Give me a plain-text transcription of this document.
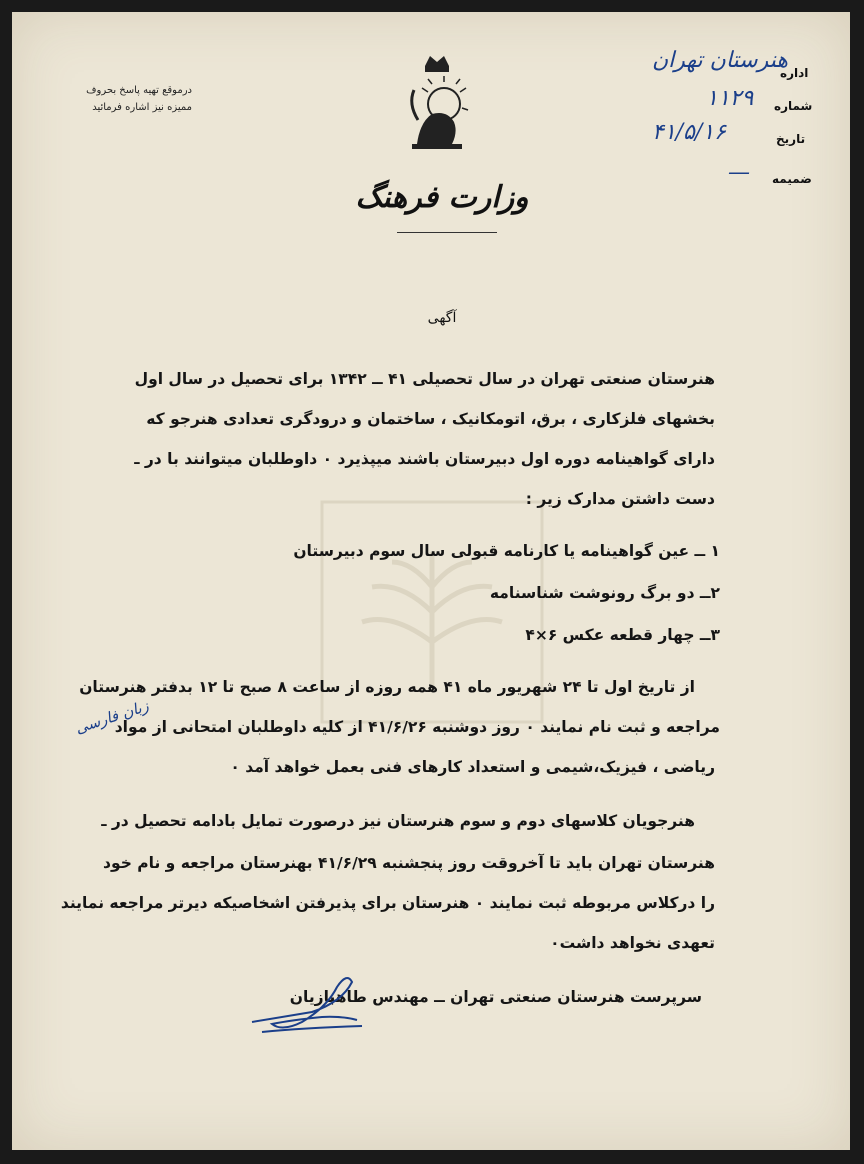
درموقع تهیه پاسخ بحروف
ممیزه نیز اشاره فرمائید
وزارت فرهنگ
اداره
هنرستان تهران
شماره
۱۱۲۹
تاریخ
۴۱/۵/۱۶
ضمیمه
—
آگهی
هنرستان صنعتی تهران در سال تحصیلی ۴۱ ــ ۱۳۴۲ برای تحصیل در سال اول
بخشهای فلزکاری ، برق، اتومکانیک ، ساختمان و درودگری تعدادی هنرجو که
دارای گواهینامه دوره اول دبیرستان باشند میپذیرد ٠ داوطلبان میتوانند با در ـ
دست داشتن مدارک زیر :
۱ ــ عین گواهینامه یا کارنامه قبولی سال سوم دبیرستان
۲ــ دو برگ رونوشت شناسنامه
۳ــ چهار قطعه عکس ۶×۴
از تاریخ اول تا ۲۴ شهریور ماه ۴۱ همه روزه از ساعت ۸ صبح تا ۱۲ بدفتر هنرستان
مراجعه و ثبت نام نمایند ٠ روز دوشنبه ۴۱/۶/۲۶ از کلیه داوطلبان امتحانی از مواد
ریاضی ، فیزیک،شیمی و استعداد کارهای فنی بعمل خواهد آمد ٠
زبان فارسی
هنرجویان کلاسهای دوم و سوم هنرستان نیز درصورت تمایل بادامه تحصیل در ـ
هنرستان تهران باید تا آخروقت روز پنجشنبه ۴۱/۶/۲۹ بهنرستان مراجعه و نام خود
را درکلاس مربوطه ثبت نمایند ٠ هنرستان برای پذیرفتن اشخاصیکه دیرتر مراجعه نمایند
تعهدی نخواهد داشت٠
سرپرست هنرستان صنعتی تهران ــ مهندس طاهبازیان
